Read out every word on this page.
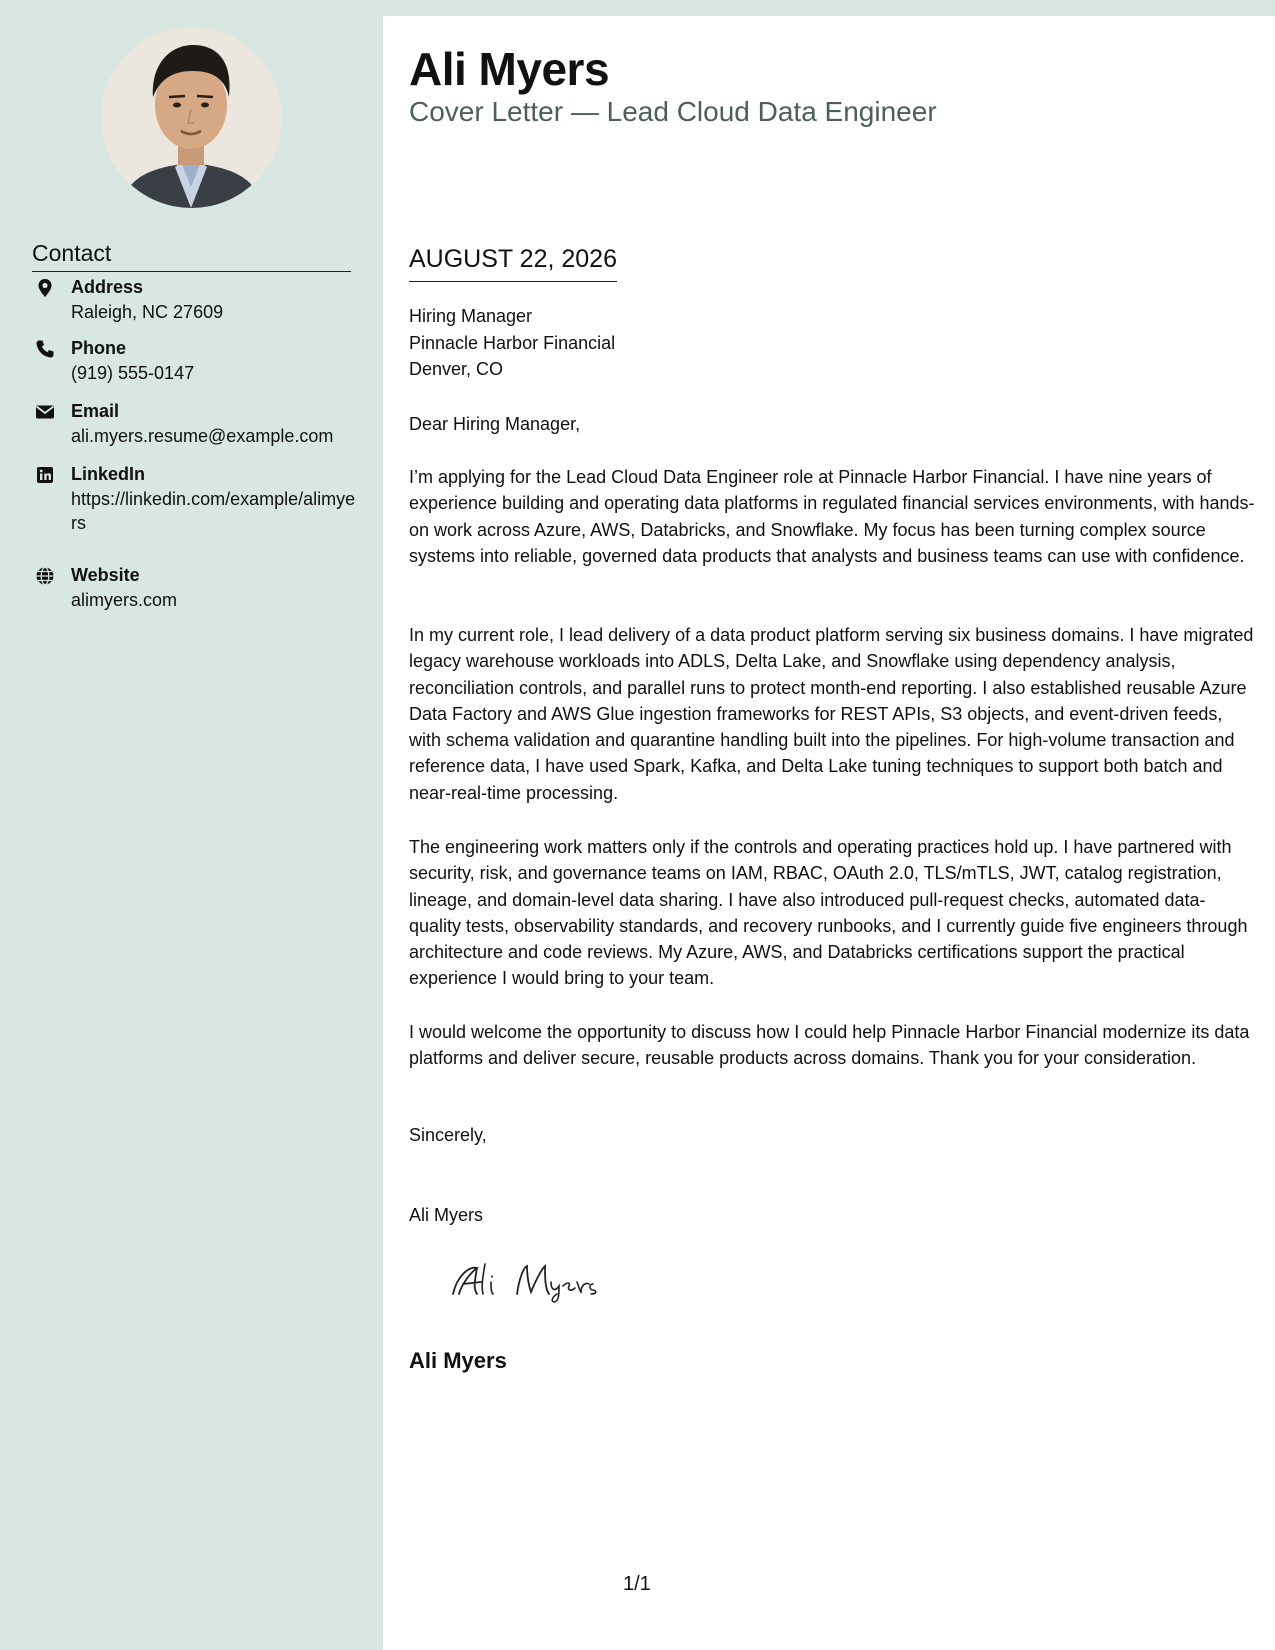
Contact
Address
Raleigh, NC 27609
Phone
(919) 555-0147
Email
ali.myers.resume@example.com
LinkedIn
https://linkedin.com/example/alimyers
Website
alimyers.com
Ali Myers
Cover Letter — Lead Cloud Data Engineer
AUGUST 22, 2026
Hiring Manager
Pinnacle Harbor Financial
Denver, CO
Dear Hiring Manager,

I’m applying for the Lead Cloud Data Engineer role at Pinnacle Harbor Financial. I have nine years of experience building and operating data platforms in regulated financial services environments, with hands-on work across Azure, AWS, Databricks, and Snowflake. My focus has been turning complex source systems into reliable, governed data products that analysts and business teams can use with confidence.

In my current role, I lead delivery of a data product platform serving six business domains. I have migrated legacy warehouse workloads into ADLS, Delta Lake, and Snowflake using dependency analysis, reconciliation controls, and parallel runs to protect month-end reporting. I also established reusable Azure Data Factory and AWS Glue ingestion frameworks for REST APIs, S3 objects, and event-driven feeds, with schema validation and quarantine handling built into the pipelines. For high-volume transaction and reference data, I have used Spark, Kafka, and Delta Lake tuning techniques to support both batch and near-real-time processing.

The engineering work matters only if the controls and operating practices hold up. I have partnered with security, risk, and governance teams on IAM, RBAC, OAuth 2.0, TLS/mTLS, JWT, catalog registration, lineage, and domain-level data sharing. I have also introduced pull-request checks, automated data-quality tests, observability standards, and recovery runbooks, and I currently guide five engineers through architecture and code reviews. My Azure, AWS, and Databricks certifications support the practical experience I would bring to your team.

I would welcome the opportunity to discuss how I could help Pinnacle Harbor Financial modernize its data platforms and deliver secure, reusable products across domains. Thank you for your consideration.

Sincerely,
Ali Myers
Ali Myers
1/1
